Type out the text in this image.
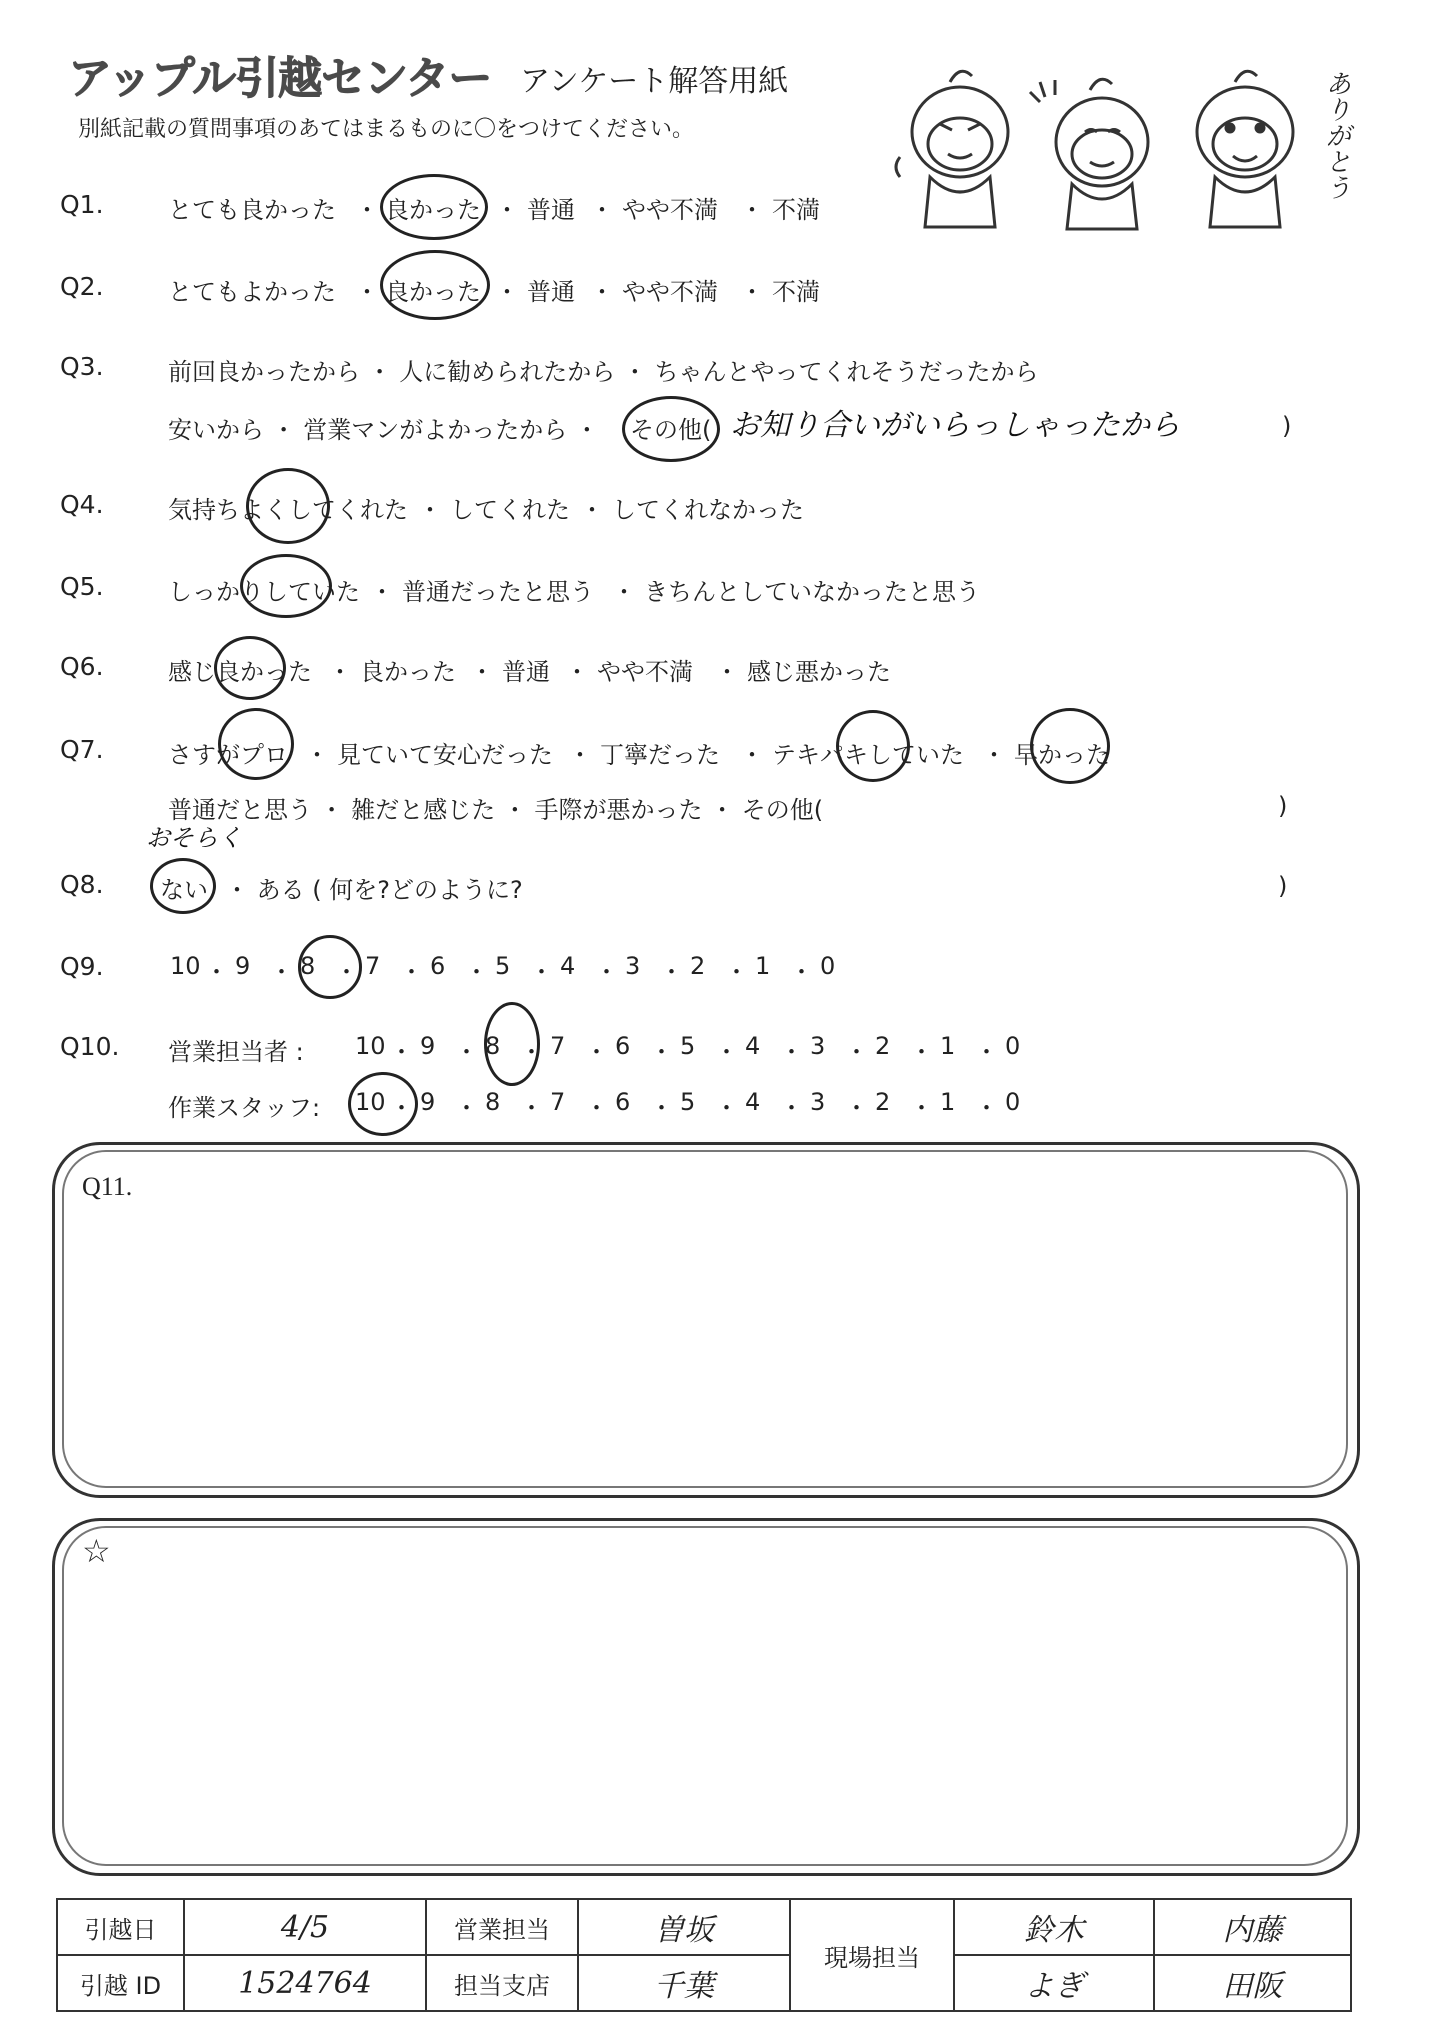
アップル引越センター アンケート解答用紙
別紙記載の質問事項のあてはまるものに〇をつけてください。	ありがとう
Q1.	とても良かった ・ 良かった ・ 普通 ・ やや不満 ・ 不満
Q2.	とてもよかった ・ 良かった ・ 普通 ・ やや不満 ・ 不満
Q3.	前回良かったから ・ 人に勧められたから ・ ちゃんとやってくれそうだったから
安いから ・ 営業マンがよかったから ・ その他( お知り合いがいらっしゃったから	)
Q4.	気持ちよくしてくれた ・ してくれた ・ してくれなかった
Q5.	しっかりしていた ・ 普通だったと思う ・ きちんとしていなかったと思う
Q6.	感じ良かった ・ 良かった ・ 普通 ・ やや不満 ・ 感じ悪かった
Q7.	さすがプロ ・ 見ていて安心だった ・ 丁寧だった ・ テキパキしていた ・ 早かった
普通だと思う ・ 雑だと感じた ・ 手際が悪かった ・ その他(	)
おそらく
Q8. ない ・ ある ( 何を?どのように?	)
Q9.	10 ・ 9 ・ 8 ・ 7 ・ 6 ・ 5 ・ 4 ・ 3 ・ 2 ・ 1 ・ 0
Q10. 営業担当者 : 10 ・ 9 ・ 8 ・ 7 ・ 6 ・ 5 ・ 4 ・ 3 ・ 2 ・ 1 ・ 0
作業スタッフ: 10 ・ 9 ・ 8 ・ 7 ・ 6 ・ 5 ・ 4 ・ 3 ・ 2 ・ 1 ・ 0
Q11.
☆
引越日	4/5	営業担当	曽坂	現場担当	鈴木	内藤
引越 ID	1524764	担当支店	千葉		よぎ	田阪
